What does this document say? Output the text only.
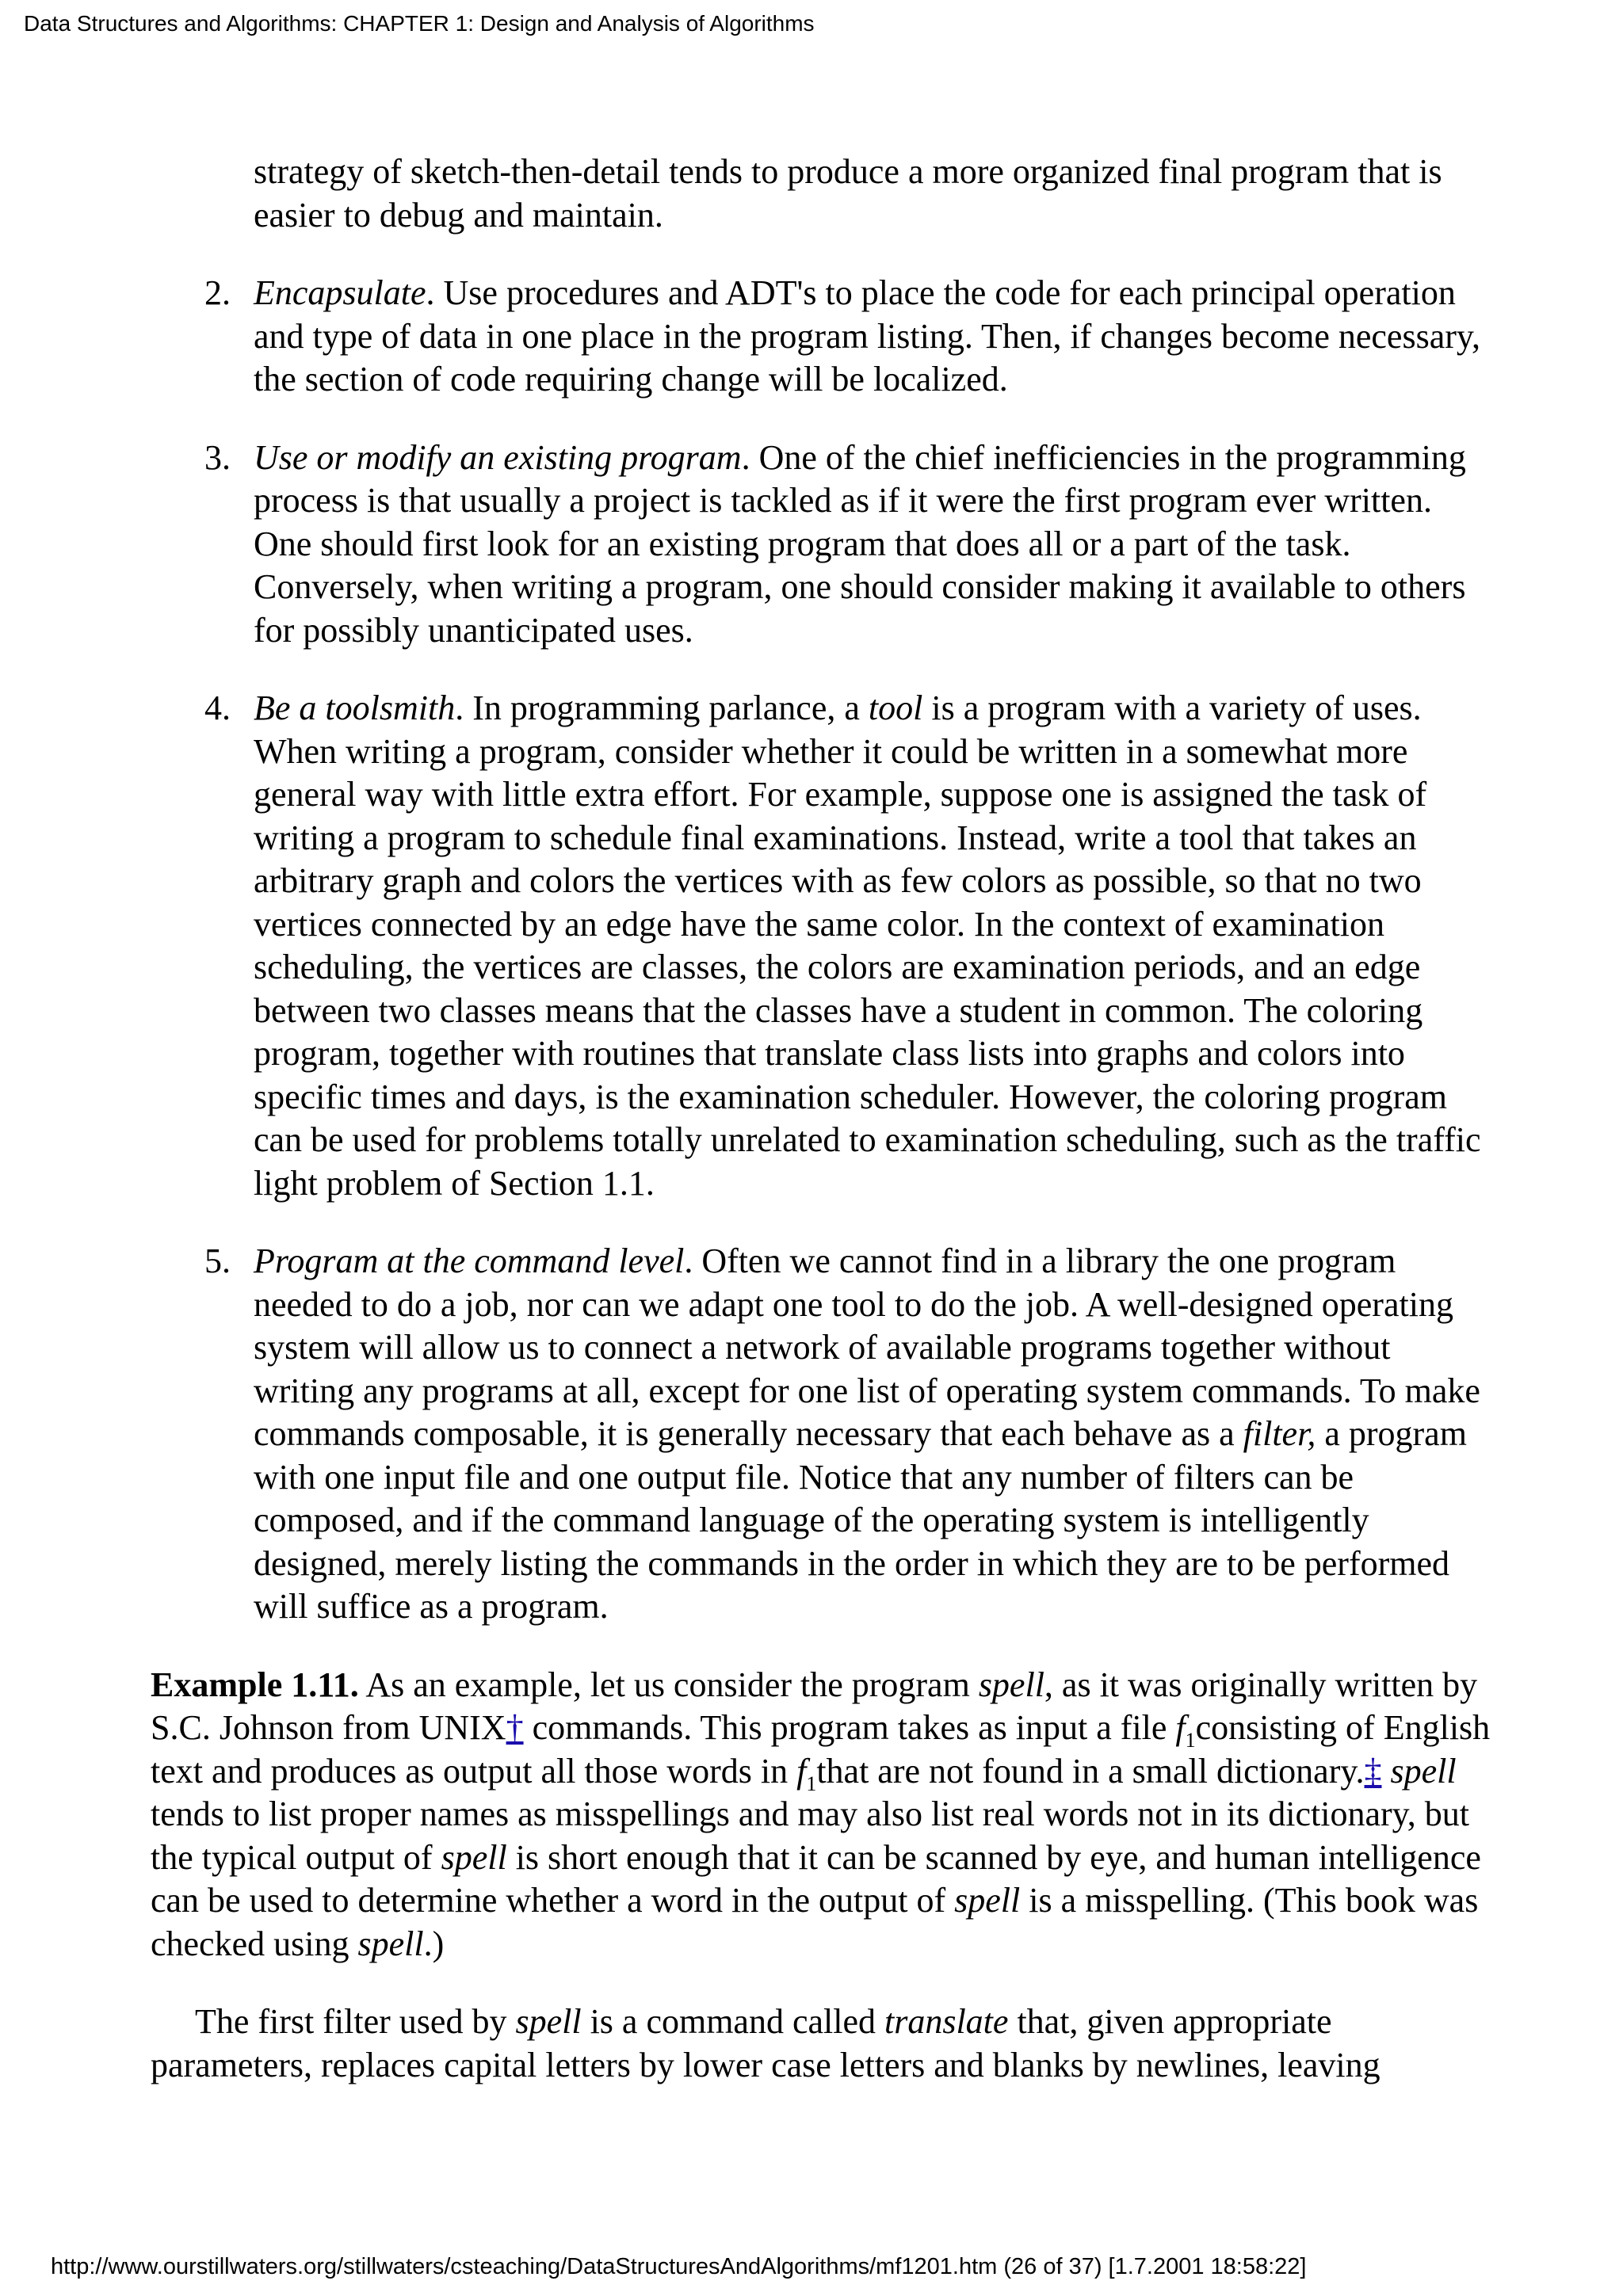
Data Structures and Algorithms: CHAPTER 1: Design and Analysis of Algorithms

strategy of sketch-then-detail tends to produce a more organized final program that is easier to debug and maintain.

2. Encapsulate. Use procedures and ADT's to place the code for each principal operation and type of data in one place in the program listing. Then, if changes become necessary, the section of code requiring change will be localized.
3. Use or modify an existing program. One of the chief inefficiencies in the programming process is that usually a project is tackled as if it were the first program ever written. One should first look for an existing program that does all or a part of the task. Conversely, when writing a program, one should consider making it available to others for possibly unanticipated uses.
4. Be a toolsmith. In programming parlance, a tool is a program with a variety of uses. When writing a program, consider whether it could be written in a somewhat more general way with little extra effort. For example, suppose one is assigned the task of writing a program to schedule final examinations. Instead, write a tool that takes an arbitrary graph and colors the vertices with as few colors as possible, so that no two vertices connected by an edge have the same color. In the context of examination scheduling, the vertices are classes, the colors are examination periods, and an edge between two classes means that the classes have a student in common. The coloring program, together with routines that translate class lists into graphs and colors into specific times and days, is the examination scheduler. However, the coloring program can be used for problems totally unrelated to examination scheduling, such as the traffic light problem of Section 1.1.
5. Program at the command level. Often we cannot find in a library the one program needed to do a job, nor can we adapt one tool to do the job. A well-designed operating system will allow us to connect a network of available programs together without writing any programs at all, except for one list of operating system commands. To make commands composable, it is generally necessary that each behave as a filter, a program with one input file and one output file. Notice that any number of filters can be composed, and if the command language of the operating system is intelligently designed, merely listing the commands in the order in which they are to be performed will suffice as a program.

Example 1.11. As an example, let us consider the program spell, as it was originally written by S.C. Johnson from UNIX† commands. This program takes as input a file $f_1consisting$ of English text and produces as output all those words in $f_1that$ are not found in a small dictionary.‡ spell tends to list proper names as misspellings and may also list real words not in its dictionary, but the typical output of spell is short enough that it can be scanned by eye, and human intelligence can be used to determine whether a word in the output of spell is a misspelling. (This book was checked using spell.)

The first filter used by spell is a command called translate that, given appropriate parameters, replaces capital letters by lower case letters and blanks by newlines, leaving

http://www.ourstillwaters.org/stillwaters/csteaching/DataStructuresAndAlgorithms/mf1201.htm (26 of 37) [1.7.2001 18:58:22]
